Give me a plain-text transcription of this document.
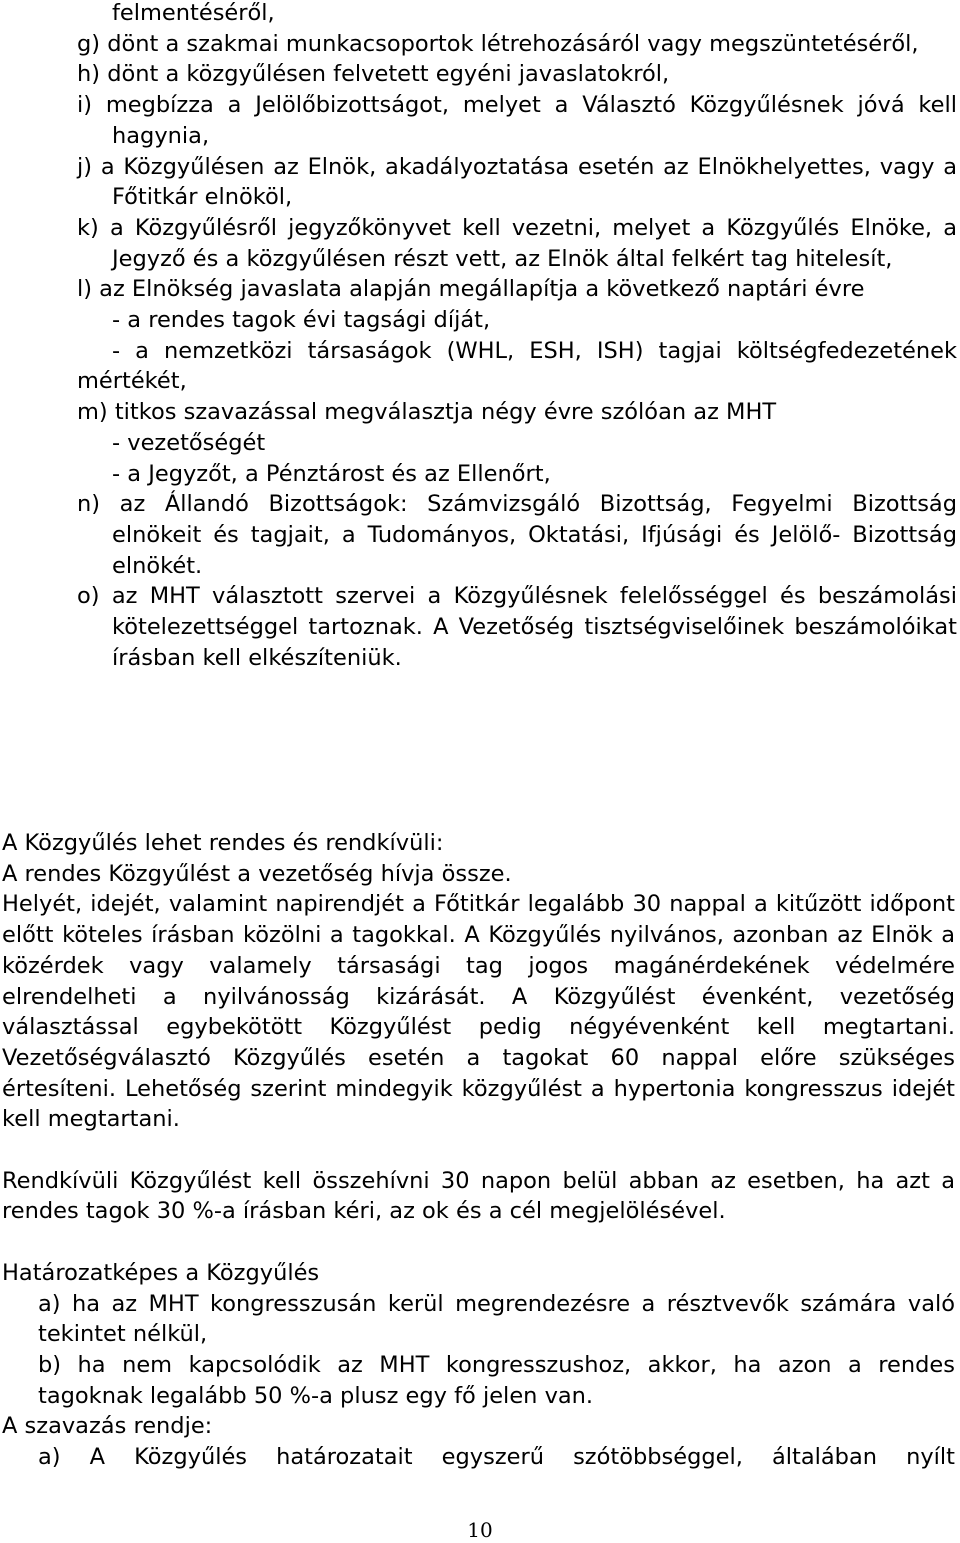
felmentéséről,
g) dönt a szakmai munkacsoportok létrehozásáról vagy megszüntetéséről,
h) dönt a közgyűlésen felvetett egyéni javaslatokról,
i) megbízza a Jelölőbizottságot, melyet a Választó Közgyűlésnek jóvá kell hagynia,
j) a Közgyűlésen az Elnök, akadályoztatása esetén az Elnökhelyettes, vagy a Főtitkár elnököl,
k) a Közgyűlésről jegyzőkönyvet kell vezetni, melyet a Közgyűlés Elnöke, a Jegyző és a közgyűlésen részt vett, az Elnök által felkért tag hitelesít,
l) az Elnökség javaslata alapján megállapítja a következő naptári évre
- a rendes tagok évi tagsági díját,
- a nemzetközi társaságok (WHL, ESH, ISH) tagjai költségfedezetének mértékét,
m) titkos szavazással megválasztja négy évre szólóan az MHT
- vezetőségét
- a Jegyzőt, a Pénztárost és az Ellenőrt,
n) az Állandó Bizottságok: Számvizsgáló Bizottság, Fegyelmi Bizottság elnökeit és tagjait, a Tudományos, Oktatási, Ifjúsági és Jelölő- Bizottság elnökét.
o) az MHT választott szervei a Közgyűlésnek felelősséggel és beszámolási kötelezettséggel tartoznak. A Vezetőség tisztségviselőinek beszámolóikat írásban kell elkészíteniük.
A Közgyűlés lehet rendes és rendkívüli:
A rendes Közgyűlést a vezetőség hívja össze.
Helyét, idejét, valamint napirendjét a Főtitkár legalább 30 nappal a kitűzött időpont előtt köteles írásban közölni a tagokkal. A Közgyűlés nyilvános, azonban az Elnök a közérdek vagy valamely társasági tag jogos magánérdekének védelmére elrendelheti a nyilvánosság kizárását. A Közgyűlést évenként, vezetőség választással egybekötött Közgyűlést pedig négyévenként kell megtartani. Vezetőségválasztó Közgyűlés esetén a tagokat 60 nappal előre szükséges értesíteni. Lehetőség szerint mindegyik közgyűlést a hypertonia kongresszus idejét kell megtartani.
Rendkívüli Közgyűlést kell összehívni 30 napon belül abban az esetben, ha azt a rendes tagok 30 %-a írásban kéri, az ok és a cél megjelölésével.
Határozatképes a Közgyűlés
a) ha az MHT kongresszusán kerül megrendezésre a résztvevők számára való tekintet nélkül,
b) ha nem kapcsolódik az MHT kongresszushoz, akkor, ha azon a rendes tagoknak legalább 50 %-a plusz egy fő jelen van.
A szavazás rendje:
a) A Közgyűlés határozatait egyszerű szótöbbséggel, általában nyílt
10
